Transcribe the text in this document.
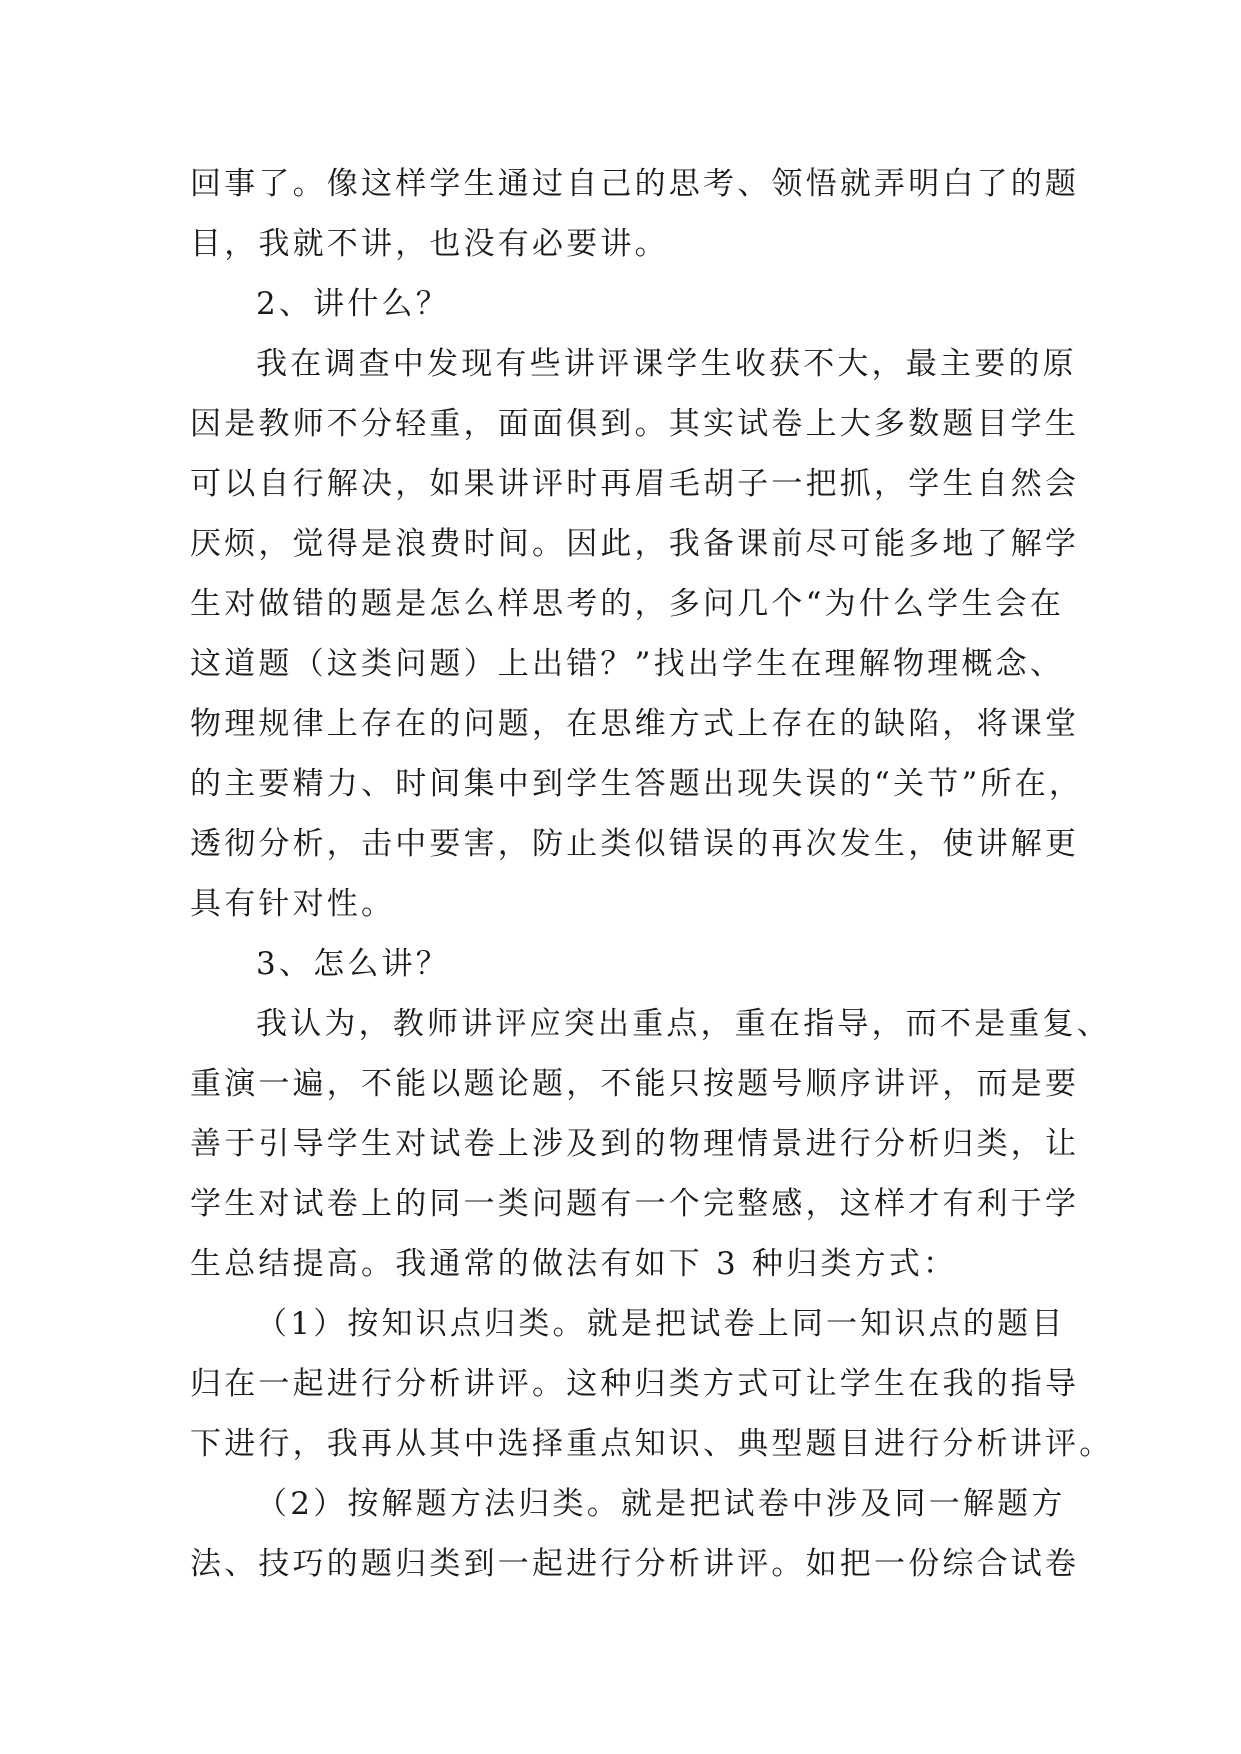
回事了。像这样学生通过自己的思考、领悟就弄明白了的题
目，我就不讲，也没有必要讲。
2、讲什么？
我在调查中发现有些讲评课学生收获不大，最主要的原
因是教师不分轻重，面面俱到。其实试卷上大多数题目学生
可以自行解决，如果讲评时再眉毛胡子一把抓，学生自然会
厌烦，觉得是浪费时间。因此，我备课前尽可能多地了解学
生对做错的题是怎么样思考的，多问几个“为什么学生会在
这道题（这类问题）上出错？”找出学生在理解物理概念、
物理规律上存在的问题，在思维方式上存在的缺陷，将课堂
的主要精力、时间集中到学生答题出现失误的“关节”所在，
透彻分析，击中要害，防止类似错误的再次发生，使讲解更
具有针对性。
3、怎么讲？
我认为，教师讲评应突出重点，重在指导，而不是重复、
重演一遍，不能以题论题，不能只按题号顺序讲评，而是要
善于引导学生对试卷上涉及到的物理情景进行分析归类，让
学生对试卷上的同一类问题有一个完整感，这样才有利于学
生总结提高。我通常的做法有如下 3 种归类方式：
（1）按知识点归类。就是把试卷上同一知识点的题目
归在一起进行分析讲评。这种归类方式可让学生在我的指导
下进行，我再从其中选择重点知识、典型题目进行分析讲评。
（2）按解题方法归类。就是把试卷中涉及同一解题方
法、技巧的题归类到一起进行分析讲评。如把一份综合试卷
